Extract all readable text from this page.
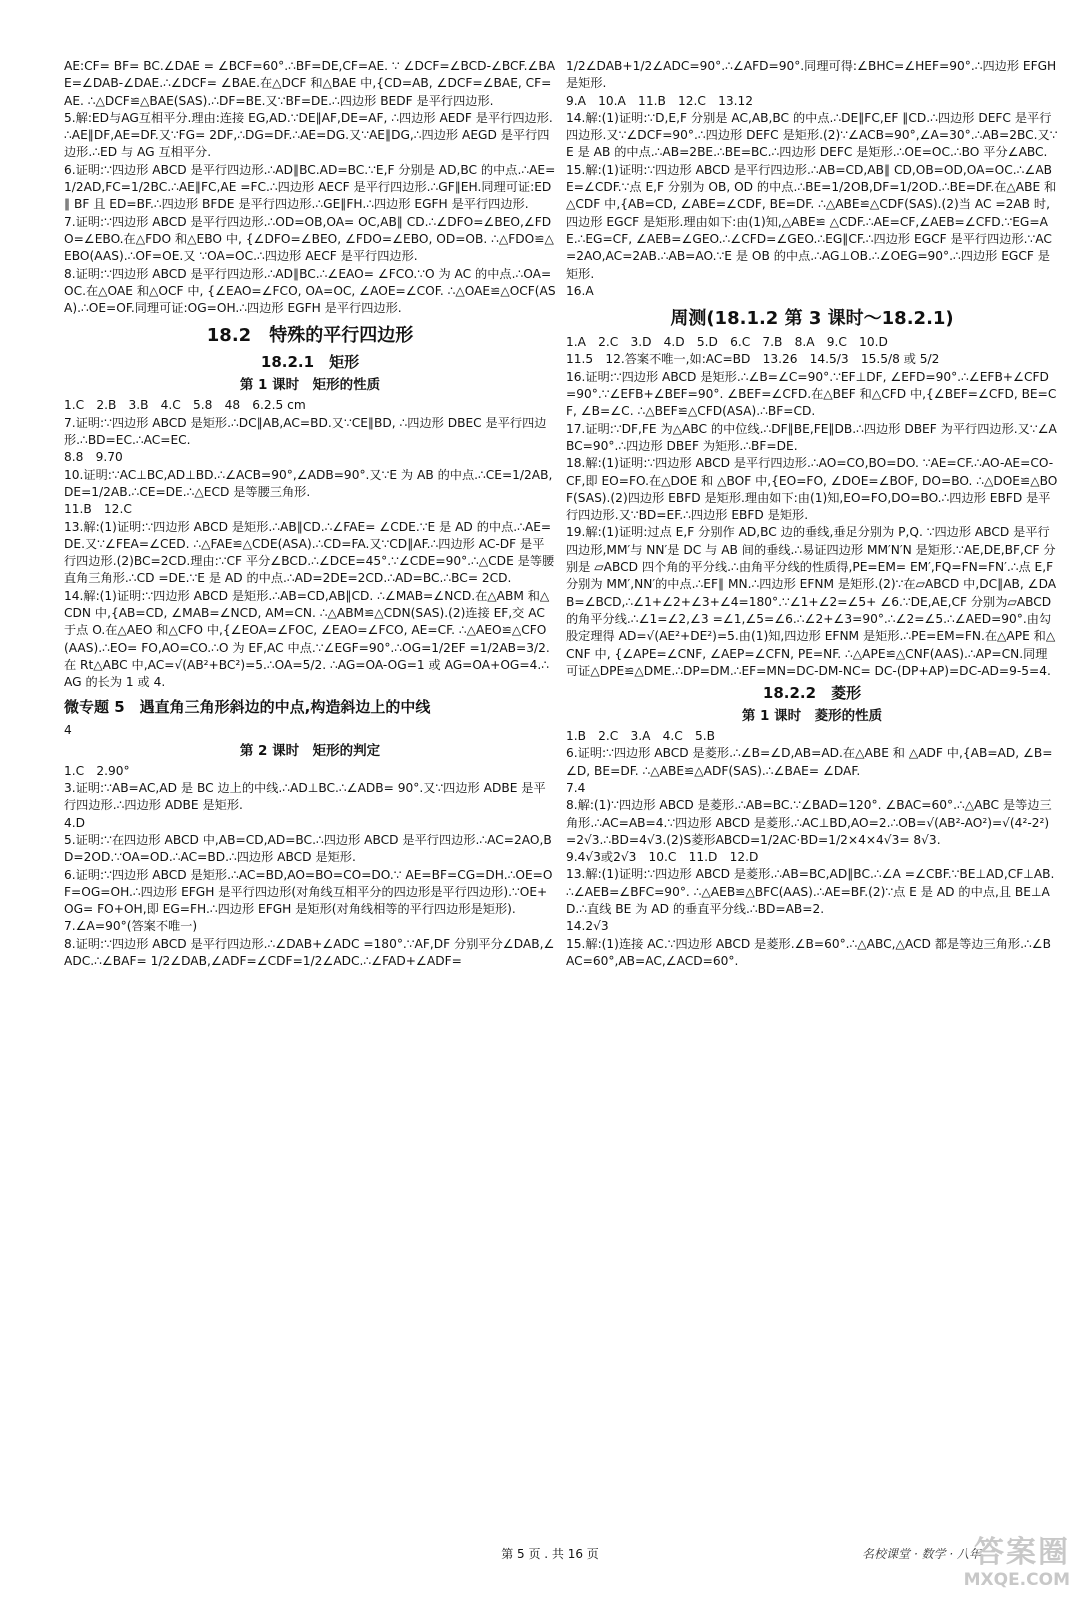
AE:CF= BF= BC.∠DAE = ∠BCF=60°.∴BF=DE,CF=AE. ∵ ∠DCF=∠BCD-∠BCF.∠BAE=∠DAB-∠DAE.∴∠DCF= ∠BAE.在△DCF 和△BAE 中,{CD=AB, ∠DCF=∠BAE, CF=AE. ∴△DCF≌△BAE(SAS).∴DF=BE.又∵BF=DE.∴四边形 BEDF 是平行四边形.
5.解:ED与AG互相平分.理由:连接 EG,AD.∵DE∥AF,DE=AF, ∴四边形 AEDF 是平行四边形.∴AE∥DF,AE=DF.又∵FG= 2DF,∴DG=DF.∴AE=DG.又∵AE∥DG,∴四边形 AEGD 是平行四边形.∴ED 与 AG 互相平分.
6.证明:∵四边形 ABCD 是平行四边形.∴AD∥BC.AD=BC.∵E,F 分别是 AD,BC 的中点.∴AE=1/2AD,FC=1/2BC.∴AE∥FC,AE =FC.∴四边形 AECF 是平行四边形.∴GF∥EH.同理可证:ED∥ BF 且 ED=BF.∴四边形 BFDE 是平行四边形.∴GE∥FH.∴四边形 EGFH 是平行四边形.
7.证明:∵四边形 ABCD 是平行四边形.∴OD=OB,OA= OC,AB∥ CD.∴∠DFO=∠BEO,∠FDO=∠EBO.在△FDO 和△EBO 中, {∠DFO=∠BEO, ∠FDO=∠EBO, OD=OB. ∴△FDO≌△EBO(AAS).∴OF=OE.又 ∵OA=OC.∴四边形 AECF 是平行四边形.
8.证明:∵四边形 ABCD 是平行四边形.∴AD∥BC.∴∠EAO= ∠FCO.∵O 为 AC 的中点.∴OA=OC.在△OAE 和△OCF 中, {∠EAO=∠FCO, OA=OC, ∠AOE=∠COF. ∴△OAE≌△OCF(ASA).∴OE=OF.同理可证:OG=OH.∴四边形 EGFH 是平行四边形.
18.2　特殊的平行四边形
18.2.1　矩形
第 1 课时　矩形的性质
1.C　2.B　3.B　4.C　5.8　48　6.2.5 cm
7.证明:∵四边形 ABCD 是矩形.∴DC∥AB,AC=BD.又∵CE∥BD, ∴四边形 DBEC 是平行四边形.∴BD=EC.∴AC=EC.
8.8　9.70
10.证明:∵AC⊥BC,AD⊥BD.∴∠ACB=90°,∠ADB=90°.又∵E 为 AB 的中点.∴CE=1/2AB,DE=1/2AB.∴CE=DE.∴△ECD 是等腰三角形.
11.B　12.C
13.解:(1)证明:∵四边形 ABCD 是矩形.∴AB∥CD.∴∠FAE= ∠CDE.∵E 是 AD 的中点.∴AE=DE.又∵∠FEA=∠CED. ∴△FAE≌△CDE(ASA).∴CD=FA.又∵CD∥AF.∴四边形 AC-DF 是平行四边形.(2)BC=2CD.理由:∵CF 平分∠BCD.∴∠DCE=45°.∵∠CDE=90°.∴△CDE 是等腰直角三角形.∴CD =DE.∵E 是 AD 的中点.∴AD=2DE=2CD.∴AD=BC.∴BC= 2CD.
14.解:(1)证明:∵四边形 ABCD 是矩形.∴AB=CD,AB∥CD. ∴∠MAB=∠NCD.在△ABM 和△CDN 中,{AB=CD, ∠MAB=∠NCD, AM=CN. ∴△ABM≌△CDN(SAS).(2)连接 EF,交 AC 于点 O.在△AEO 和△CFO 中,{∠EOA=∠FOC, ∠EAO=∠FCO, AE=CF. ∴△AEO≌△CFO(AAS).∴EO= FO,AO=CO.∴O 为 EF,AC 中点.∵∠EGF=90°.∴OG=1/2EF =1/2AB=3/2.在 Rt△ABC 中,AC=√(AB²+BC²)=5.∴OA=5/2. ∴AG=OA-OG=1 或 AG=OA+OG=4.∴AG 的长为 1 或 4.
微专题 5　遇直角三角形斜边的中点,构造斜边上的中线
4
第 2 课时　矩形的判定
1.C　2.90°
3.证明:∵AB=AC,AD 是 BC 边上的中线.∴AD⊥BC.∴∠ADB= 90°.又∵四边形 ADBE 是平行四边形.∴四边形 ADBE 是矩形.
4.D
5.证明:∵在四边形 ABCD 中,AB=CD,AD=BC.∴四边形 ABCD 是平行四边形.∴AC=2AO,BD=2OD.∵OA=OD.∴AC=BD.∴四边形 ABCD 是矩形.
6.证明:∵四边形 ABCD 是矩形.∴AC=BD,AO=BO=CO=DO.∵ AE=BF=CG=DH.∴OE=OF=OG=OH.∴四边形 EFGH 是平行四边形(对角线互相平分的四边形是平行四边形).∵OE+OG= FO+OH,即 EG=FH.∴四边形 EFGH 是矩形(对角线相等的平行四边形是矩形).
7.∠A=90°(答案不唯一)
8.证明:∵四边形 ABCD 是平行四边形.∴∠DAB+∠ADC =180°.∵AF,DF 分别平分∠DAB,∠ADC.∴∠BAF= 1/2∠DAB,∠ADF=∠CDF=1/2∠ADC.∴∠FAD+∠ADF=
1/2∠DAB+1/2∠ADC=90°.∴∠AFD=90°.同理可得:∠BHC=∠HEF=90°.∴四边形 EFGH 是矩形.
9.A　10.A　11.B　12.C　13.12
14.解:(1)证明:∵D,E,F 分别是 AC,AB,BC 的中点.∴DE∥FC,EF ∥CD.∴四边形 DEFC 是平行四边形.又∵∠DCF=90°.∴四边形 DEFC 是矩形.(2)∵∠ACB=90°,∠A=30°.∴AB=2BC.又∵ E 是 AB 的中点.∴AB=2BE.∴BE=BC.∴四边形 DEFC 是矩形.∴OE=OC.∴BO 平分∠ABC.
15.解:(1)证明:∵四边形 ABCD 是平行四边形.∴AB=CD,AB∥ CD,OB=OD,OA=OC.∴∠ABE=∠CDF.∵点 E,F 分别为 OB, OD 的中点.∴BE=1/2OB,DF=1/2OD.∴BE=DF.在△ABE 和 △CDF 中,{AB=CD, ∠ABE=∠CDF, BE=DF. ∴△ABE≌△CDF(SAS).(2)当 AC =2AB 时,四边形 EGCF 是矩形.理由如下:由(1)知,△ABE≌ △CDF.∴AE=CF,∠AEB=∠CFD.∵EG=AE.∴EG=CF, ∠AEB=∠GEO.∴∠CFD=∠GEO.∴EG∥CF.∴四边形 EGCF 是平行四边形.∵AC=2AO,AC=2AB.∴AB=AO.∵E 是 OB 的中点.∴AG⊥OB.∴∠OEG=90°.∴四边形 EGCF 是矩形.
16.A
周测(18.1.2 第 3 课时～18.2.1)
1.A　2.C　3.D　4.D　5.D　6.C　7.B　8.A　9.C　10.D
11.5　12.答案不唯一,如:AC=BD　13.26　14.5/3　15.5/8 或 5/2
16.证明:∵四边形 ABCD 是矩形.∴∠B=∠C=90°.∵EF⊥DF, ∠EFD=90°.∴∠EFB+∠CFD=90°.∵∠EFB+∠BEF=90°. ∠BEF=∠CFD.在△BEF 和△CFD 中,{∠BEF=∠CFD, BE=CF, ∠B=∠C. ∴△BEF≌△CFD(ASA).∴BF=CD.
17.证明:∵DF,FE 为△ABC 的中位线.∴DF∥BE,FE∥DB.∴四边形 DBEF 为平行四边形.又∵∠ABC=90°.∴四边形 DBEF 为矩形.∴BF=DE.
18.解:(1)证明:∵四边形 ABCD 是平行四边形.∴AO=CO,BO=DO. ∵AE=CF.∴AO-AE=CO-CF,即 EO=FO.在△DOE 和 △BOF 中,{EO=FO, ∠DOE=∠BOF, DO=BO. ∴△DOE≌△BOF(SAS).(2)四边形 EBFD 是矩形.理由如下:由(1)知,EO=FO,DO=BO.∴四边形 EBFD 是平行四边形.又∵BD=EF.∴四边形 EBFD 是矩形.
19.解:(1)证明:过点 E,F 分别作 AD,BC 边的垂线,垂足分别为 P,Q. ∵四边形 ABCD 是平行四边形,MM′与 NN′是 DC 与 AB 间的垂线.∴易证四边形 MM′N′N 是矩形.∵AE,DE,BF,CF 分别是 ▱ABCD 四个角的平分线.∴由角平分线的性质得,PE=EM= EM′,FQ=FN=FN′.∴点 E,F 分别为 MM′,NN′的中点.∴EF∥ MN.∴四边形 EFNM 是矩形.(2)∵在▱ABCD 中,DC∥AB, ∠DAB=∠BCD,∴∠1+∠2+∠3+∠4=180°.∵∠1+∠2=∠5+ ∠6.∵DE,AE,CF 分别为▱ABCD 的角平分线.∴∠1=∠2,∠3 =∠1,∠5=∠6.∴∠2+∠3=90°.∴∠2=∠5.∴∠AED=90°.由勾股定理得 AD=√(AE²+DE²)=5.由(1)知,四边形 EFNM 是矩形.∴PE=EM=FN.在△APE 和△CNF 中, {∠APE=∠CNF, ∠AEP=∠CFN, PE=NF. ∴△APE≌△CNF(AAS).∴AP=CN.同理可证△DPE≌△DME.∴DP=DM.∴EF=MN=DC-DM-NC= DC-(DP+AP)=DC-AD=9-5=4.
18.2.2　菱形
第 1 课时　菱形的性质
1.B　2.C　3.A　4.C　5.B
6.证明:∵四边形 ABCD 是菱形.∴∠B=∠D,AB=AD.在△ABE 和 △ADF 中,{AB=AD, ∠B=∠D, BE=DF. ∴△ABE≌△ADF(SAS).∴∠BAE= ∠DAF.
7.4
8.解:(1)∵四边形 ABCD 是菱形.∴AB=BC.∵∠BAD=120°. ∠BAC=60°.∴△ABC 是等边三角形.∴AC=AB=4.∵四边形 ABCD 是菱形.∴AC⊥BD,AO=2.∴OB=√(AB²-AO²)=√(4²-2²) =2√3.∴BD=4√3.(2)S菱形ABCD=1/2AC·BD=1/2×4×4√3= 8√3.
9.4√3或2√3　10.C　11.D　12.D
13.解:(1)证明:∵四边形 ABCD 是菱形.∴AB=BC,AD∥BC.∴∠A =∠CBF.∵BE⊥AD,CF⊥AB.∴∠AEB=∠BFC=90°. ∴△AEB≌△BFC(AAS).∴AE=BF.(2)∵点 E 是 AD 的中点,且 BE⊥AD.∴直线 BE 为 AD 的垂直平分线.∴BD=AB=2.
14.2√3
15.解:(1)连接 AC.∵四边形 ABCD 是菱形.∠B=60°.∴△ABC,△ACD 都是等边三角形.∴∠BAC=60°,AB=AC,∠ACD=60°.
第 5 页 . 共 16 页	名校课堂 · 数学 · 八年
答案圈
MXQE.COM
